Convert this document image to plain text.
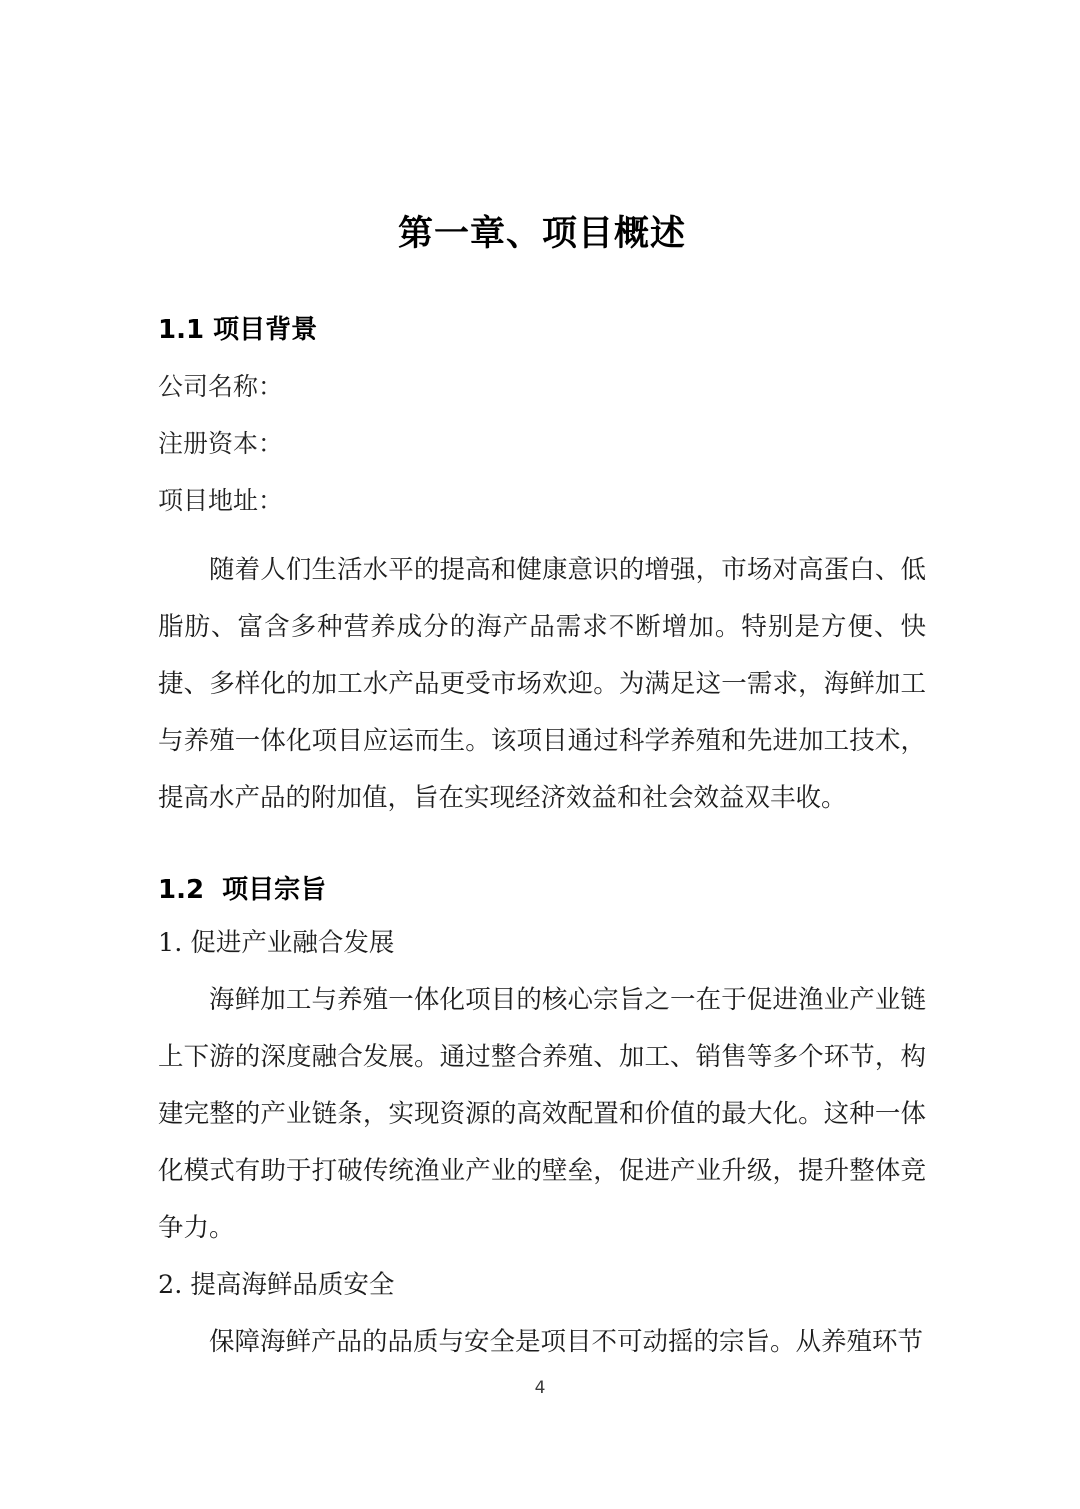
第一章、项目概述
1.1 项目背景

公司名称：

注册资本：

项目地址：

随着人们生活水平的提高和健康意识的增强，市场对高蛋白、低脂肪、富含多种营养成分的海产品需求不断增加。特别是方便、快捷、多样化的加工水产品更受市场欢迎。为满足这一需求，海鲜加工与养殖一体化项目应运而生。该项目通过科学养殖和先进加工技术，提高水产品的附加值，旨在实现经济效益和社会效益双丰收。

1.2  项目宗旨

1. 促进产业融合发展

海鲜加工与养殖一体化项目的核心宗旨之一在于促进渔业产业链上下游的深度融合发展。通过整合养殖、加工、销售等多个环节，构建完整的产业链条，实现资源的高效配置和价值的最大化。这种一体化模式有助于打破传统渔业产业的壁垒，促进产业升级，提升整体竞争力。

2. 提高海鲜品质安全

保障海鲜产品的品质与安全是项目不可动摇的宗旨。从养殖环节

4
